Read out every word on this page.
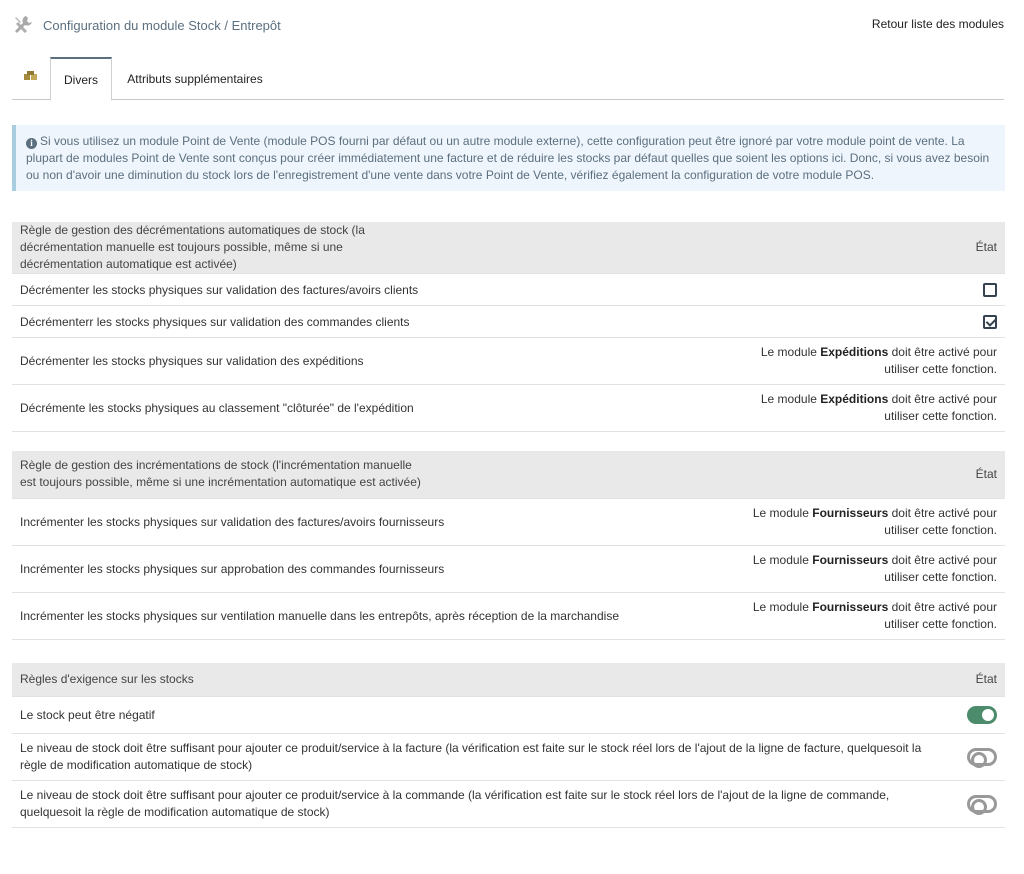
Configuration du module Stock / Entrepôt	Retour liste des modules
Divers	Attributs supplémentaires
i Si vous utilisez un module Point de Vente (module POS fourni par défaut ou un autre module externe), cette configuration peut être ignoré par votre module point de vente. La plupart de modules Point de Vente sont conçus pour créer immédiatement une facture et de réduire les stocks par défaut quelles que soient les options ici. Donc, si vous avez besoin ou non d'avoir une diminution du stock lors de l'enregistrement d'une vente dans votre Point de Vente, vérifiez également la configuration de votre module POS.
Règle de gestion des décrémentations automatiques de stock (la décrémentation manuelle est toujours possible, même si une décrémentation automatique est activée)	État
Décrémenter les stocks physiques sur validation des factures/avoirs clients	
Décrémenterr les stocks physiques sur validation des commandes clients	
Décrémenter les stocks physiques sur validation des expéditions	Le module Expéditions doit être activé pour utiliser cette fonction.
Décrémente les stocks physiques au classement "clôturée" de l'expédition	Le module Expéditions doit être activé pour utiliser cette fonction.
Règle de gestion des incrémentations de stock (l'incrémentation manuelle est toujours possible, même si une incrémentation automatique est activée)	État
Incrémenter les stocks physiques sur validation des factures/avoirs fournisseurs	Le module Fournisseurs doit être activé pour utiliser cette fonction.
Incrémenter les stocks physiques sur approbation des commandes fournisseurs	Le module Fournisseurs doit être activé pour utiliser cette fonction.
Incrémenter les stocks physiques sur ventilation manuelle dans les entrepôts, après réception de la marchandise	Le module Fournisseurs doit être activé pour utiliser cette fonction.
Règles d'exigence sur les stocks	État
Le stock peut être négatif	
Le niveau de stock doit être suffisant pour ajouter ce produit/service à la facture (la vérification est faite sur le stock réel lors de l'ajout de la ligne de facture, quelquesoit la règle de modification automatique de stock)	
Le niveau de stock doit être suffisant pour ajouter ce produit/service à la commande (la vérification est faite sur le stock réel lors de l'ajout de la ligne de commande, quelquesoit la règle de modification automatique de stock)	
